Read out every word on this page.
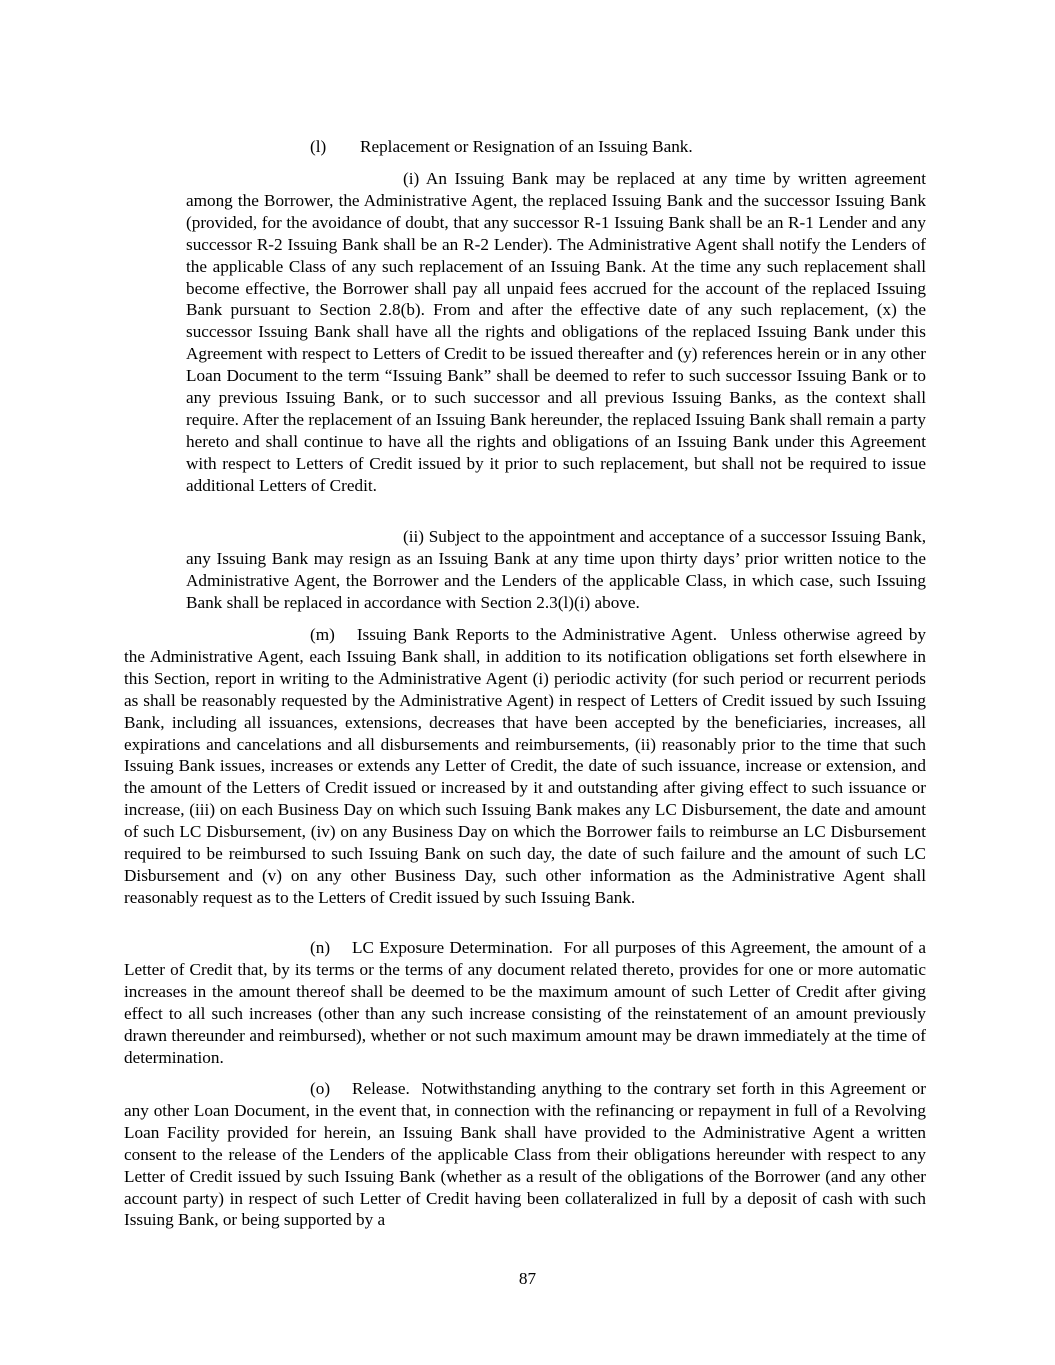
(l) Replacement or Resignation of an Issuing Bank.

(i) An Issuing Bank may be replaced at any time by written agreement among the Borrower, the Administrative Agent, the replaced Issuing Bank and the successor Issuing Bank (provided, for the avoidance of doubt, that any successor R-1 Issuing Bank shall be an R-1 Lender and any successor R-2 Issuing Bank shall be an R-2 Lender). The Administrative Agent shall notify the Lenders of the applicable Class of any such replacement of an Issuing Bank. At the time any such replacement shall become effective, the Borrower shall pay all unpaid fees accrued for the account of the replaced Issuing Bank pursuant to Section 2.8(b). From and after the effective date of any such replacement, (x) the successor Issuing Bank shall have all the rights and obligations of the replaced Issuing Bank under this Agreement with respect to Letters of Credit to be issued thereafter and (y) references herein or in any other Loan Document to the term “Issuing Bank” shall be deemed to refer to such successor Issuing Bank or to any previous Issuing Bank, or to such successor and all previous Issuing Banks, as the context shall require. After the replacement of an Issuing Bank hereunder, the replaced Issuing Bank shall remain a party hereto and shall continue to have all the rights and obligations of an Issuing Bank under this Agreement with respect to Letters of Credit issued by it prior to such replacement, but shall not be required to issue additional Letters of Credit.

(ii) Subject to the appointment and acceptance of a successor Issuing Bank, any Issuing Bank may resign as an Issuing Bank at any time upon thirty days’ prior written notice to the Administrative Agent, the Borrower and the Lenders of the applicable Class, in which case, such Issuing Bank shall be replaced in accordance with Section 2.3(l)(i) above.

(m) Issuing Bank Reports to the Administrative Agent. Unless otherwise agreed by the Administrative Agent, each Issuing Bank shall, in addition to its notification obligations set forth elsewhere in this Section, report in writing to the Administrative Agent (i) periodic activity (for such period or recurrent periods as shall be reasonably requested by the Administrative Agent) in respect of Letters of Credit issued by such Issuing Bank, including all issuances, extensions, decreases that have been accepted by the beneficiaries, increases, all expirations and cancelations and all disbursements and reimbursements, (ii) reasonably prior to the time that such Issuing Bank issues, increases or extends any Letter of Credit, the date of such issuance, increase or extension, and the amount of the Letters of Credit issued or increased by it and outstanding after giving effect to such issuance or increase, (iii) on each Business Day on which such Issuing Bank makes any LC Disbursement, the date and amount of such LC Disbursement, (iv) on any Business Day on which the Borrower fails to reimburse an LC Disbursement required to be reimbursed to such Issuing Bank on such day, the date of such failure and the amount of such LC Disbursement and (v) on any other Business Day, such other information as the Administrative Agent shall reasonably request as to the Letters of Credit issued by such Issuing Bank.

(n) LC Exposure Determination. For all purposes of this Agreement, the amount of a Letter of Credit that, by its terms or the terms of any document related thereto, provides for one or more automatic increases in the amount thereof shall be deemed to be the maximum amount of such Letter of Credit after giving effect to all such increases (other than any such increase consisting of the reinstatement of an amount previously drawn thereunder and reimbursed), whether or not such maximum amount may be drawn immediately at the time of determination.

(o) Release. Notwithstanding anything to the contrary set forth in this Agreement or any other Loan Document, in the event that, in connection with the refinancing or repayment in full of a Revolving Loan Facility provided for herein, an Issuing Bank shall have provided to the Administrative Agent a written consent to the release of the Lenders of the applicable Class from their obligations hereunder with respect to any Letter of Credit issued by such Issuing Bank (whether as a result of the obligations of the Borrower (and any other account party) in respect of such Letter of Credit having been collateralized in full by a deposit of cash with such Issuing Bank, or being supported by a

87
